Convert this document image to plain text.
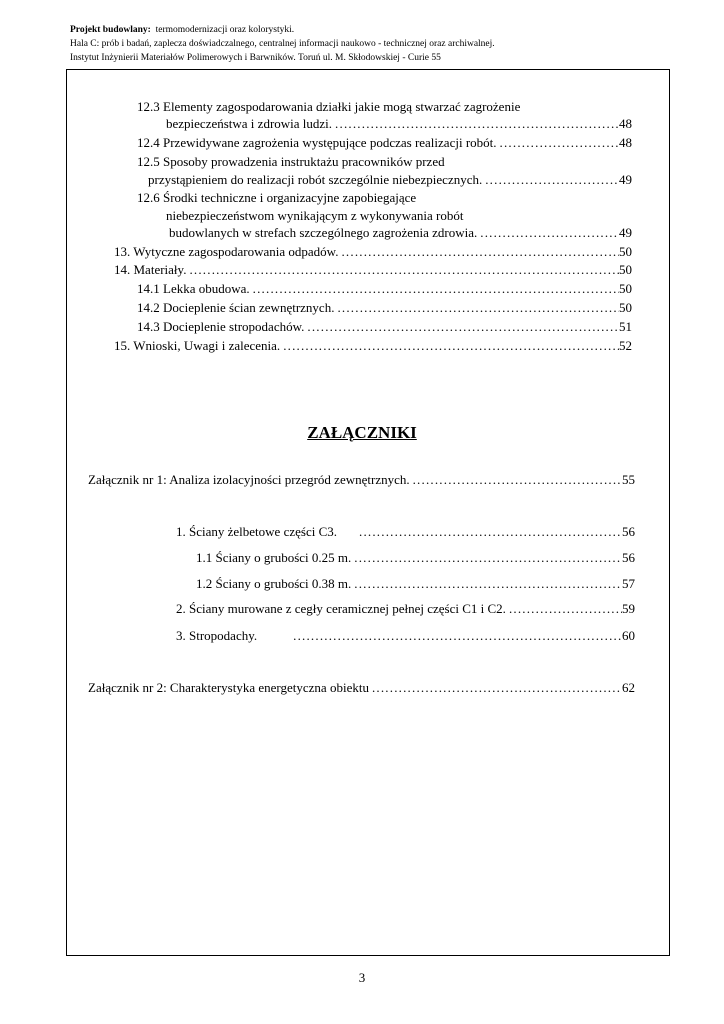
Projekt budowlany: termomodernizacji oraz kolorystyki.
Hala C: prób i badań, zaplecza doświadczalnego, centralnej informacji naukowo - technicznej oraz archiwalnej.
Instytut Inżynierii Materiałów Polimerowych i Barwników. Toruń ul. M. Skłodowskiej - Curie 55
12.3 Elementy zagospodarowania działki jakie mogą stwarzać zagrożenie
bezpieczeństwa i zdrowia ludzi. .....	48
12.4 Przewidywane zagrożenia występujące podczas realizacji robót. .....	48
12.5 Sposoby prowadzenia instruktażu pracowników przed
przystąpieniem do realizacji robót szczególnie niebezpiecznych. .....	49
12.6 Środki techniczne i organizacyjne zapobiegające
niebezpieczeństwom wynikającym z wykonywania robót
budowlanych w strefach szczególnego zagrożenia zdrowia. .....	49
13. Wytyczne zagospodarowania odpadów. .....	50
14. Materiały. .....	50
14.1 Lekka obudowa. .....	50
14.2 Docieplenie ścian zewnętrznych. .....	50
14.3 Docieplenie stropodachów. .....	51
15. Wnioski, Uwagi i zalecenia. .....	52
ZAŁĄCZNIKI
Załącznik nr 1: Analiza izolacyjności przegród zewnętrznych. .....	55
1. Ściany żelbetowe części C3. .....	56
1.1 Ściany o grubości 0.25 m. .....	56
1.2 Ściany o grubości 0.38 m. .....	57
2. Ściany murowane z cegły ceramicznej pełnej części C1 i C2. .....	59
3. Stropodachy. .....	60
Załącznik nr 2: Charakterystyka energetyczna obiektu .....	62
3
